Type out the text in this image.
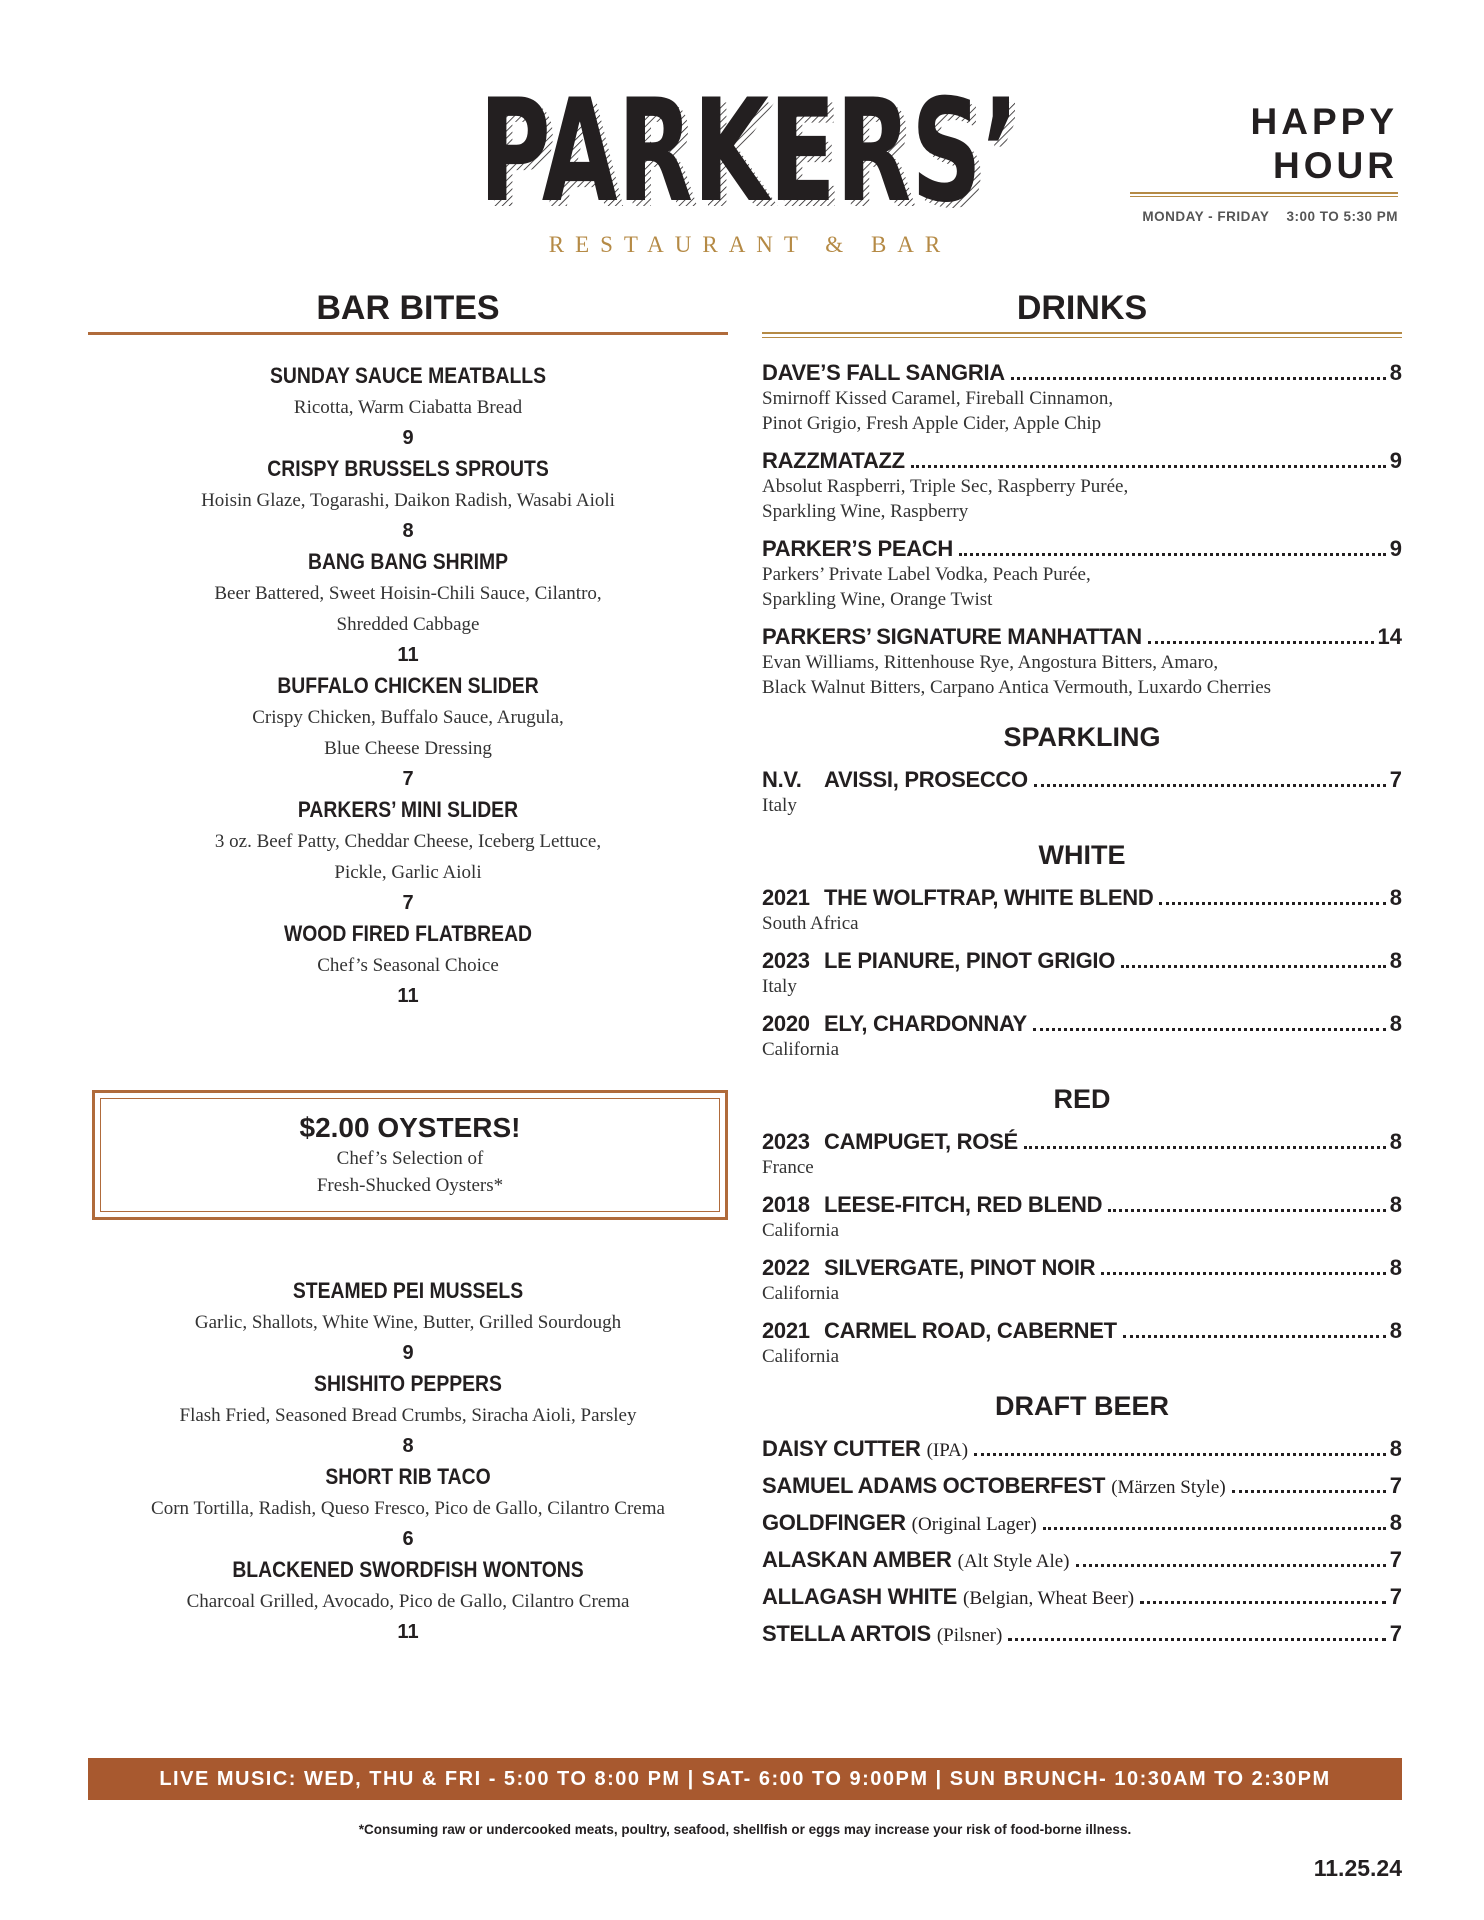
PARKERS’
PARKERS’
RESTAURANT & BAR
HAPPY HOUR
MONDAY - FRIDAY 3:00 TO 5:30 PM
BAR BITES	DRINKS
SUNDAY SAUCE MEATBALLS
Ricotta, Warm Ciabatta Bread
9
CRISPY BRUSSELS SPROUTS
Hoisin Glaze, Togarashi, Daikon Radish, Wasabi Aioli
8
BANG BANG SHRIMP
Beer Battered, Sweet Hoisin-Chili Sauce, Cilantro,
Shredded Cabbage
11
BUFFALO CHICKEN SLIDER
Crispy Chicken, Buffalo Sauce, Arugula,
Blue Cheese Dressing
7
PARKERS’ MINI SLIDER
3 oz. Beef Patty, Cheddar Cheese, Iceberg Lettuce,
Pickle, Garlic Aioli
7
WOOD FIRED FLATBREAD
Chef’s Seasonal Choice
11
$2.00 OYSTERS!
Chef’s Selection of
Fresh-Shucked Oysters*
STEAMED PEI MUSSELS
Garlic, Shallots, White Wine, Butter, Grilled Sourdough
9
SHISHITO PEPPERS
Flash Fried, Seasoned Bread Crumbs, Siracha Aioli, Parsley
8
SHORT RIB TACO
Corn Tortilla, Radish, Queso Fresco, Pico de Gallo, Cilantro Crema
6
BLACKENED SWORDFISH WONTONS
Charcoal Grilled, Avocado, Pico de Gallo, Cilantro Crema
11
DAVE’S FALL SANGRIA	8
Smirnoff Kissed Caramel, Fireball Cinnamon,
Pinot Grigio, Fresh Apple Cider, Apple Chip
RAZZMATAZZ	9
Absolut Raspberri, Triple Sec, Raspberry Purée,
Sparkling Wine, Raspberry
PARKER’S PEACH	9
Parkers’ Private Label Vodka, Peach Purée,
Sparkling Wine, Orange Twist
PARKERS’ SIGNATURE MANHATTAN	14
Evan Williams, Rittenhouse Rye, Angostura Bitters, Amaro,
Black Walnut Bitters, Carpano Antica Vermouth, Luxardo Cherries
SPARKLING
N.V. AVISSI, PROSECCO	7
Italy
WHITE
2021 THE WOLFTRAP, WHITE BLEND	8
South Africa
2023 LE PIANURE, PINOT GRIGIO	8
Italy
2020 ELY, CHARDONNAY	8
California
RED
2023 CAMPUGET, ROSÉ	8
France
2018 LEESE-FITCH, RED BLEND	8
California
2022 SILVERGATE, PINOT NOIR	8
California
2021 CARMEL ROAD, CABERNET	8
California
DRAFT BEER
DAISY CUTTER (IPA)	8
SAMUEL ADAMS OCTOBERFEST (Märzen Style)	7
GOLDFINGER (Original Lager)	8
ALASKAN AMBER (Alt Style Ale)	7
ALLAGASH WHITE (Belgian, Wheat Beer)	7
STELLA ARTOIS (Pilsner)	7
LIVE MUSIC: WED, THU & FRI - 5:00 TO 8:00 PM | SAT- 6:00 TO 9:00PM | SUN BRUNCH- 10:30AM TO 2:30PM
*Consuming raw or undercooked meats, poultry, seafood, shellfish or eggs may increase your risk of food-borne illness.
11.25.24
